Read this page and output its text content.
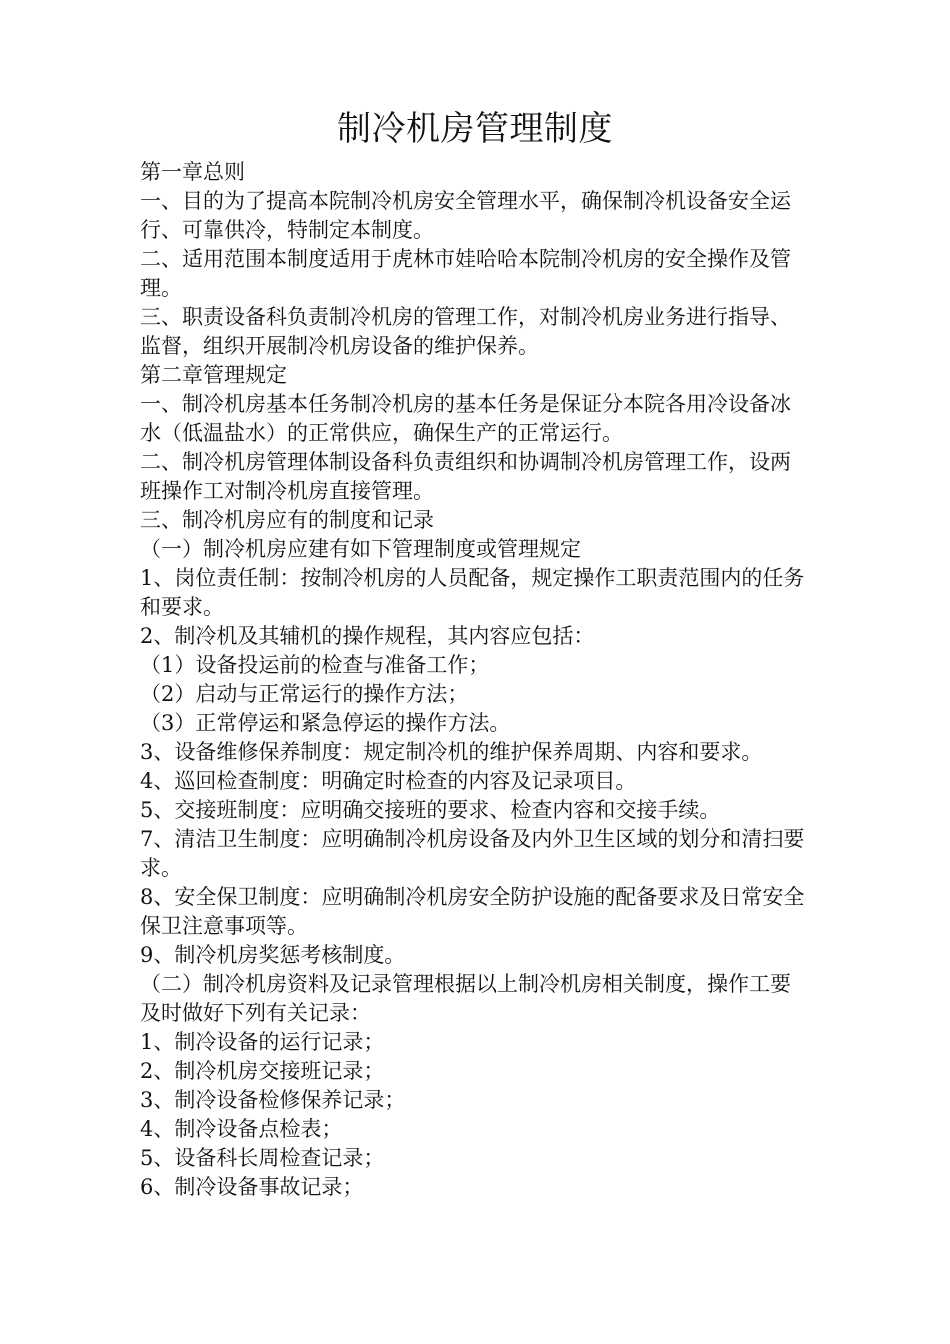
制冷机房管理制度

第一章总则

一、目的为了提高本院制冷机房安全管理水平，确保制冷机设备安全运行、可靠供冷，特制定本制度。

二、适用范围本制度适用于虎林市娃哈哈本院制冷机房的安全操作及管理。

三、职责设备科负责制冷机房的管理工作，对制冷机房业务进行指导、监督，组织开展制冷机房设备的维护保养。

第二章管理规定

一、制冷机房基本任务制冷机房的基本任务是保证分本院各用冷设备冰水（低温盐水）的正常供应，确保生产的正常运行。

二、制冷机房管理体制设备科负责组织和协调制冷机房管理工作，设两班操作工对制冷机房直接管理。

三、制冷机房应有的制度和记录

（一）制冷机房应建有如下管理制度或管理规定

1、岗位责任制：按制冷机房的人员配备，规定操作工职责范围内的任务和要求。

2、制冷机及其辅机的操作规程，其内容应包括：

（1）设备投运前的检查与准备工作；

（2）启动与正常运行的操作方法；

（3）正常停运和紧急停运的操作方法。

3、设备维修保养制度：规定制冷机的维护保养周期、内容和要求。

4、巡回检查制度：明确定时检查的内容及记录项目。

5、交接班制度：应明确交接班的要求、检查内容和交接手续。

7、清洁卫生制度：应明确制冷机房设备及内外卫生区域的划分和清扫要求。

8、安全保卫制度：应明确制冷机房安全防护设施的配备要求及日常安全保卫注意事项等。

9、制冷机房奖惩考核制度。

（二）制冷机房资料及记录管理根据以上制冷机房相关制度，操作工要及时做好下列有关记录：

1、制冷设备的运行记录；

2、制冷机房交接班记录；

3、制冷设备检修保养记录；

4、制冷设备点检表；

5、设备科长周检查记录；

6、制冷设备事故记录；
